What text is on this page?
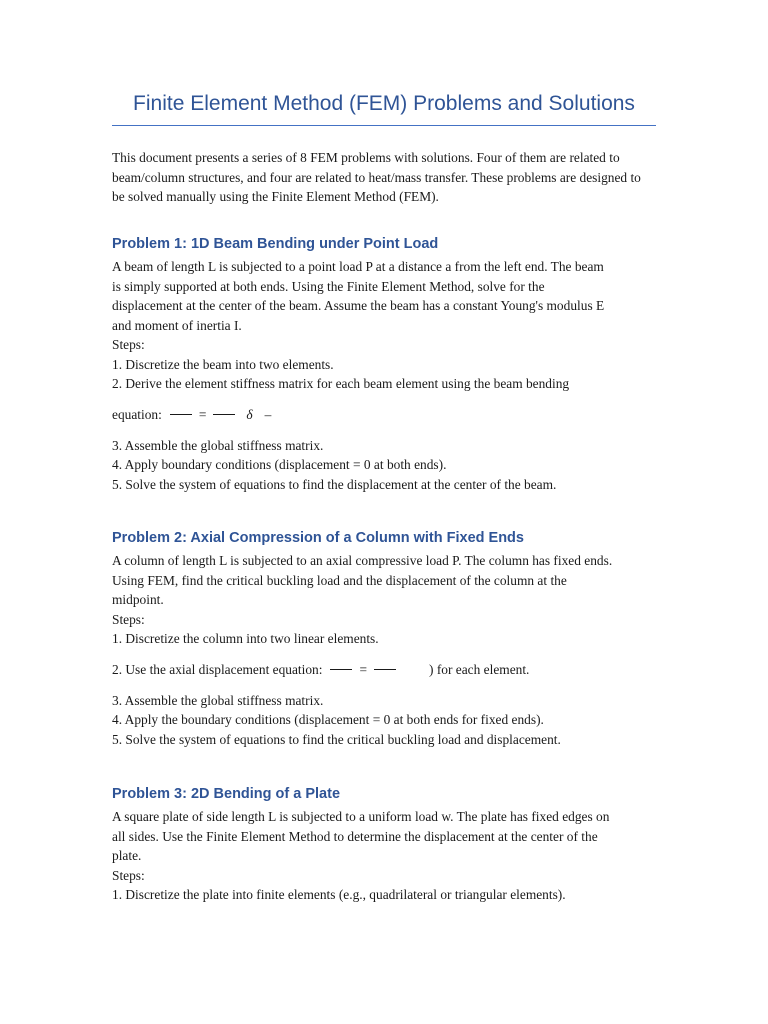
Finite Element Method (FEM) Problems and Solutions

This document presents a series of 8 FEM problems with solutions. Four of them are related to beam/column structures, and four are related to heat/mass transfer. These problems are designed to be solved manually using the Finite Element Method (FEM).

Problem 1: 1D Beam Bending under Point Load
A beam of length L is subjected to a point load P at a distance a from the left end. The beam
is simply supported at both ends. Using the Finite Element Method, solve for the
displacement at the center of the beam. Assume the beam has a constant Young's modulus E
and moment of inertia I.
Steps:
1. Discretize the beam into two elements.
2. Derive the element stiffness matrix for each beam element using the beam bending
equation:	=	δ –
3. Assemble the global stiffness matrix.
4. Apply boundary conditions (displacement = 0 at both ends).
5. Solve the system of equations to find the displacement at the center of the beam.
Problem 2: Axial Compression of a Column with Fixed Ends
A column of length L is subjected to an axial compressive load P. The column has fixed ends.
Using FEM, find the critical buckling load and the displacement of the column at the
midpoint.
Steps:
1. Discretize the column into two linear elements.
2. Use the axial displacement equation:	=	) for each element.
3. Assemble the global stiffness matrix.
4. Apply the boundary conditions (displacement = 0 at both ends for fixed ends).
5. Solve the system of equations to find the critical buckling load and displacement.
Problem 3: 2D Bending of a Plate
A square plate of side length L is subjected to a uniform load w. The plate has fixed edges on
all sides. Use the Finite Element Method to determine the displacement at the center of the
plate.
Steps:
1. Discretize the plate into finite elements (e.g., quadrilateral or triangular elements).
